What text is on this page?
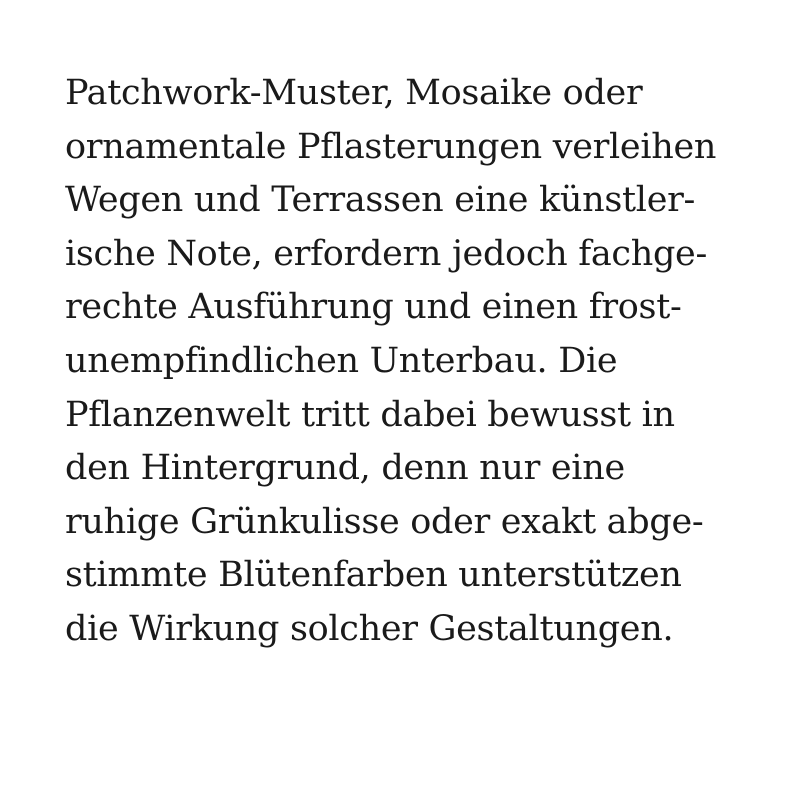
Patchwork-Muster, Mosaike oder
ornamentale Pflasterungen verleihen
Wegen und Terrassen eine künstler-
ische Note, erfordern jedoch fachge-
rechte Ausführung und einen frost-
unempfindlichen Unterbau. Die
Pflanzenwelt tritt dabei bewusst in
den Hintergrund, denn nur eine
ruhige Grünkulisse oder exakt abge-
stimmte Blütenfarben unterstützen
die Wirkung solcher Gestaltungen.
